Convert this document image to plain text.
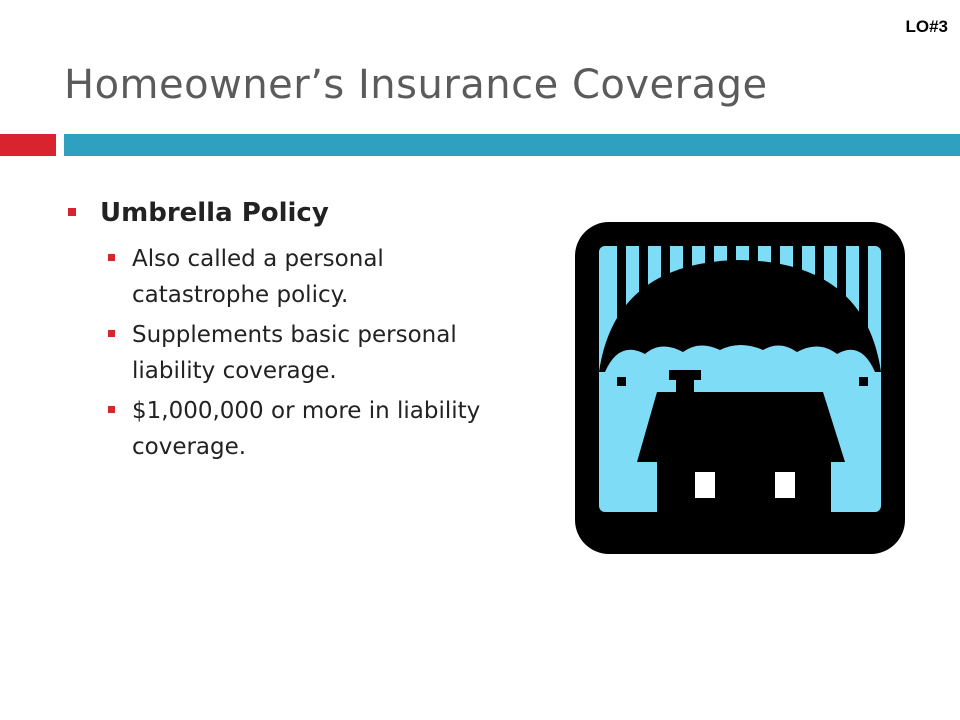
LO#3
Homeowner’s Insurance Coverage
Umbrella Policy
Also called a personal catastrophe policy.
Supplements basic personal liability coverage.
$1,000,000 or more in liability coverage.
